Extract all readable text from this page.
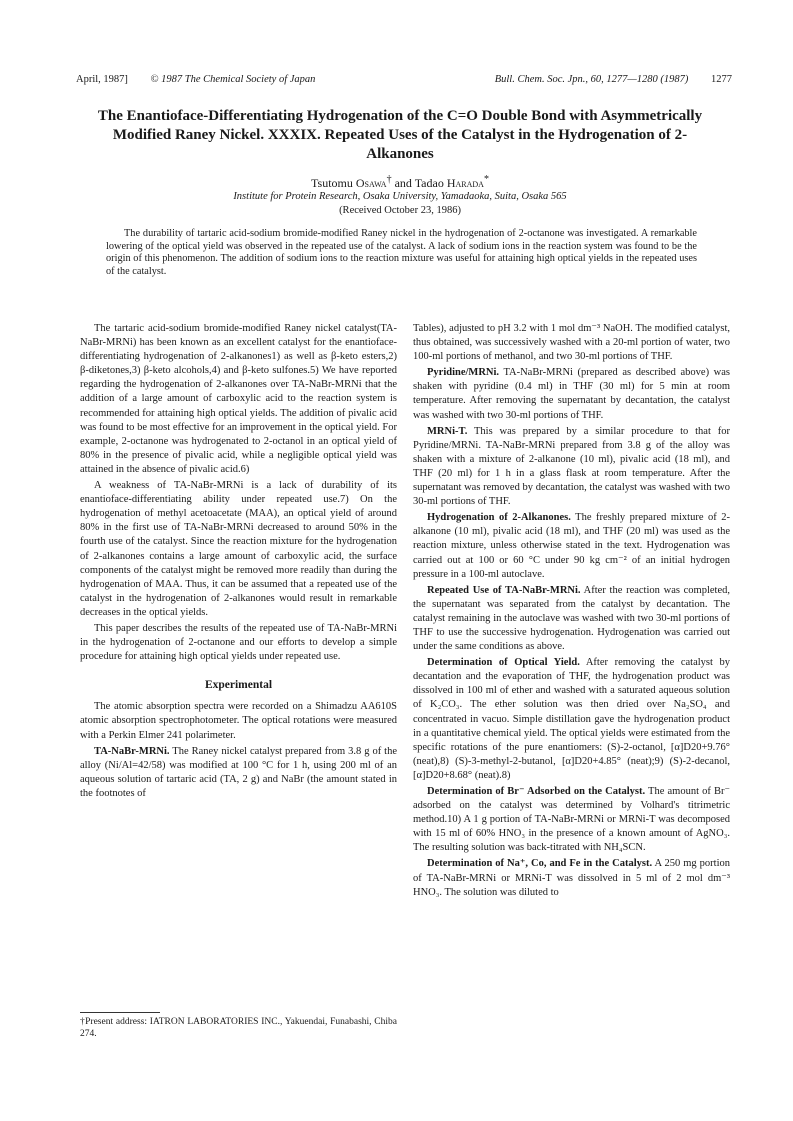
April, 1987] © 1987 The Chemical Society of Japan	Bull. Chem. Soc. Jpn., 60, 1277—1280 (1987) 1277
The Enantioface-Differentiating Hydrogenation of the C=O Double Bond with Asymmetrically Modified Raney Nickel. XXXIX. Repeated Uses of the Catalyst in the Hydrogenation of 2-Alkanones
Tsutomu Osawa† and Tadao Harada*
Institute for Protein Research, Osaka University, Yamadaoka, Suita, Osaka 565
(Received October 23, 1986)

The durability of tartaric acid-sodium bromide-modified Raney nickel in the hydrogenation of 2-octanone was investigated. A remarkable lowering of the optical yield was observed in the repeated use of the catalyst. A lack of sodium ions in the reaction system was found to be the origin of this phenomenon. The addition of sodium ions to the reaction mixture was useful for attaining high optical yields in the repeated uses of the catalyst.

The tartaric acid-sodium bromide-modified Raney nickel catalyst(TA-NaBr-MRNi) has been known as an excellent catalyst for the enantioface-differentiating hydrogenation of 2-alkanones1) as well as β-keto esters,2) β-diketones,3) β-keto alcohols,4) and β-keto sulfones.5) We have reported regarding the hydrogenation of 2-alkanones over TA-NaBr-MRNi that the addition of a large amount of carboxylic acid to the reaction system is recommended for attaining high optical yields. The addition of pivalic acid was found to be most effective for an improvement in the optical yield. For example, 2-octanone was hydrogenated to 2-octanol in an optical yield of 80% in the presence of pivalic acid, while a negligible optical yield was attained in the absence of pivalic acid.6)

A weakness of TA-NaBr-MRNi is a lack of durability of its enantioface-differentiating ability under repeated use.7) On the hydrogenation of methyl acetoacetate (MAA), an optical yield of around 80% in the first use of TA-NaBr-MRNi decreased to around 50% in the fourth use of the catalyst. Since the reaction mixture for the hydrogenation of 2-alkanones contains a large amount of carboxylic acid, the surface components of the catalyst might be removed more readily than during the hydrogenation of MAA. Thus, it can be assumed that a repeated use of the catalyst in the hydrogenation of 2-alkanones would result in remarkable decreases in the optical yields.

This paper describes the results of the repeated use of TA-NaBr-MRNi in the hydrogenation of 2-octanone and our efforts to develop a simple procedure for attaining high optical yields under repeated use.

Experimental

The atomic absorption spectra were recorded on a Shimadzu AA610S atomic absorption spectrophotometer. The optical rotations were measured with a Perkin Elmer 241 polarimeter.

TA-NaBr-MRNi. The Raney nickel catalyst prepared from 3.8 g of the alloy (Ni/Al=42/58) was modified at 100 °C for 1 h, using 200 ml of an aqueous solution of tartaric acid (TA, 2 g) and NaBr (the amount stated in the footnotes of

†Present address: IATRON LABORATORIES INC., Yakuendai, Funabashi, Chiba 274.

Tables), adjusted to pH 3.2 with 1 mol dm⁻³ NaOH. The modified catalyst, thus obtained, was successively washed with a 20-ml portion of water, two 100-ml portions of methanol, and two 30-ml portions of THF.

Pyridine/MRNi. TA-NaBr-MRNi (prepared as described above) was shaken with pyridine (0.4 ml) in THF (30 ml) for 5 min at room temperature. After removing the supernatant by decantation, the catalyst was washed with two 30-ml portions of THF.

MRNi-T. This was prepared by a similar procedure to that for Pyridine/MRNi. TA-NaBr-MRNi prepared from 3.8 g of the alloy was shaken with a mixture of 2-alkanone (10 ml), pivalic acid (18 ml), and THF (20 ml) for 1 h in a glass flask at room temperature. After the supernatant was removed by decantation, the catalyst was washed with two 30-ml portions of THF.

Hydrogenation of 2-Alkanones. The freshly prepared mixture of 2-alkanone (10 ml), pivalic acid (18 ml), and THF (20 ml) was used as the reaction mixture, unless otherwise stated in the text. Hydrogenation was carried out at 100 or 60 °C under 90 kg cm⁻² of an initial hydrogen pressure in a 100-ml autoclave.

Repeated Use of TA-NaBr-MRNi. After the reaction was completed, the supernatant was separated from the catalyst by decantation. The catalyst remaining in the autoclave was washed with two 30-ml portions of THF to use the successive hydrogenation. Hydrogenation was carried out under the same conditions as above.

Determination of Optical Yield. After removing the catalyst by decantation and the evaporation of THF, the hydrogenation product was dissolved in 100 ml of ether and washed with a saturated aqueous solution of K₂CO₃. The ether solution was then dried over Na₂SO₄ and concentrated in vacuo. Simple distillation gave the hydrogenation product in a quantitative chemical yield. The optical yields were estimated from the specific rotations of the pure enantiomers: (S)-2-octanol, [α]D20+9.76° (neat),8) (S)-3-methyl-2-butanol, [α]D20+4.85° (neat);9) (S)-2-decanol, [α]D20+8.68° (neat).8)

Determination of Br⁻ Adsorbed on the Catalyst. The amount of Br⁻ adsorbed on the catalyst was determined by Volhard's titrimetric method.10) A 1 g portion of TA-NaBr-MRNi or MRNi-T was decomposed with 15 ml of 60% HNO₃ in the presence of a known amount of AgNO₃. The resulting solution was back-titrated with NH₄SCN.

Determination of Na⁺, Co, and Fe in the Catalyst. A 250 mg portion of TA-NaBr-MRNi or MRNi-T was dissolved in 5 ml of 2 mol dm⁻³ HNO₃. The solution was diluted to
